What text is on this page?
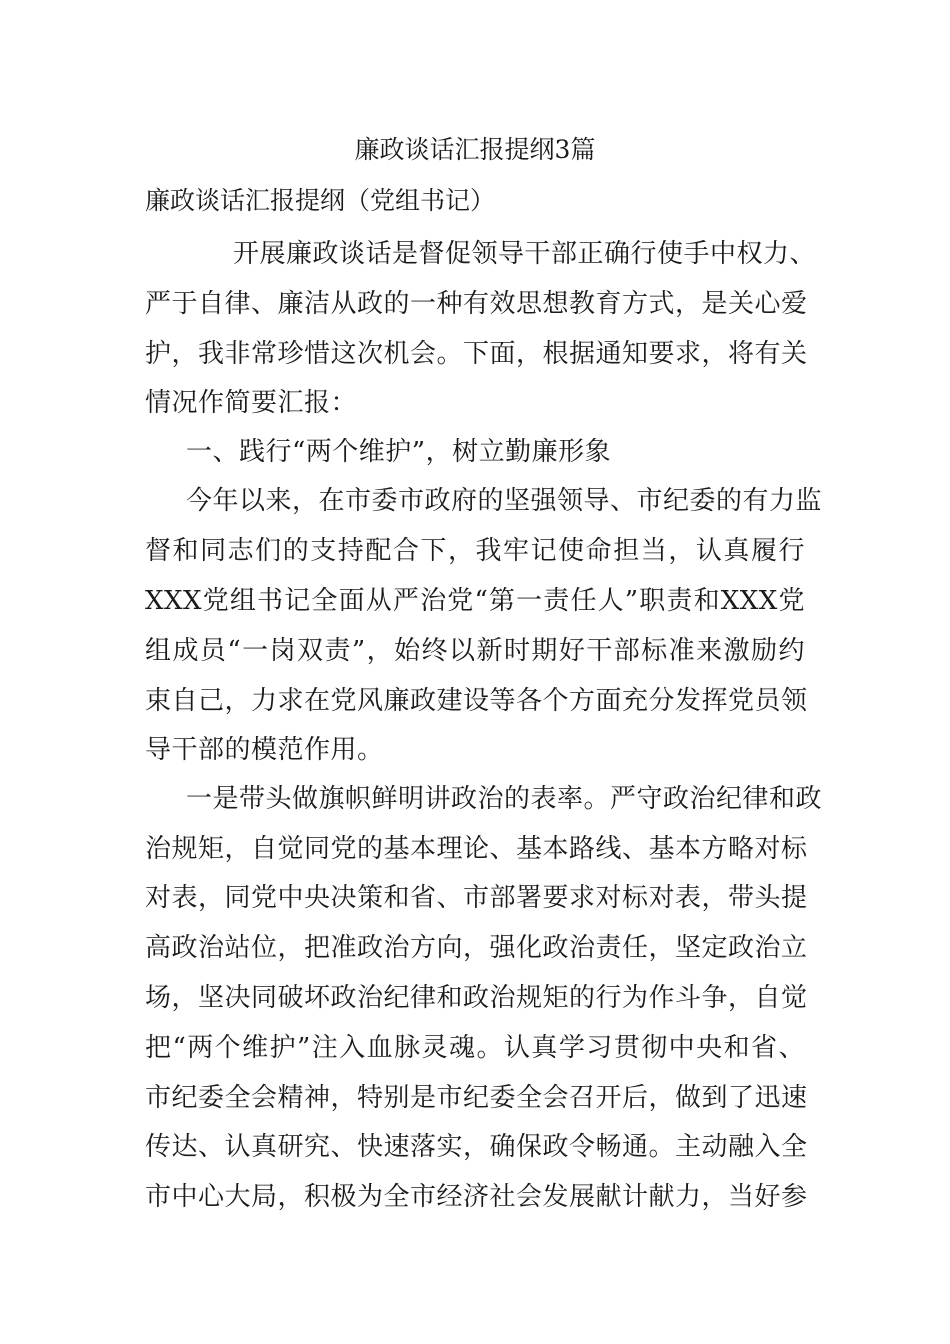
廉政谈话汇报提纲3篇
廉政谈话汇报提纲（党组书记）
开展廉政谈话是督促领导干部正确行使手中权力、
严于自律、廉洁从政的一种有效思想教育方式，是关心爱
护，我非常珍惜这次机会。下面，根据通知要求，将有关
情况作简要汇报：
一、践行“两个维护”，树立勤廉形象
今年以来，在市委市政府的坚强领导、市纪委的有力监
督和同志们的支持配合下，我牢记使命担当，认真履行
XXX党组书记全面从严治党“第一责任人”职责和XXX党
组成员“一岗双责”，始终以新时期好干部标准来激励约
束自己，力求在党风廉政建设等各个方面充分发挥党员领
导干部的模范作用。
一是带头做旗帜鲜明讲政治的表率。严守政治纪律和政
治规矩，自觉同党的基本理论、基本路线、基本方略对标
对表，同党中央决策和省、市部署要求对标对表，带头提
高政治站位，把准政治方向，强化政治责任，坚定政治立
场，坚决同破坏政治纪律和政治规矩的行为作斗争，自觉
把“两个维护”注入血脉灵魂。认真学习贯彻中央和省、
市纪委全会精神，特别是市纪委全会召开后，做到了迅速
传达、认真研究、快速落实，确保政令畅通。主动融入全
市中心大局，积极为全市经济社会发展献计献力，当好参
